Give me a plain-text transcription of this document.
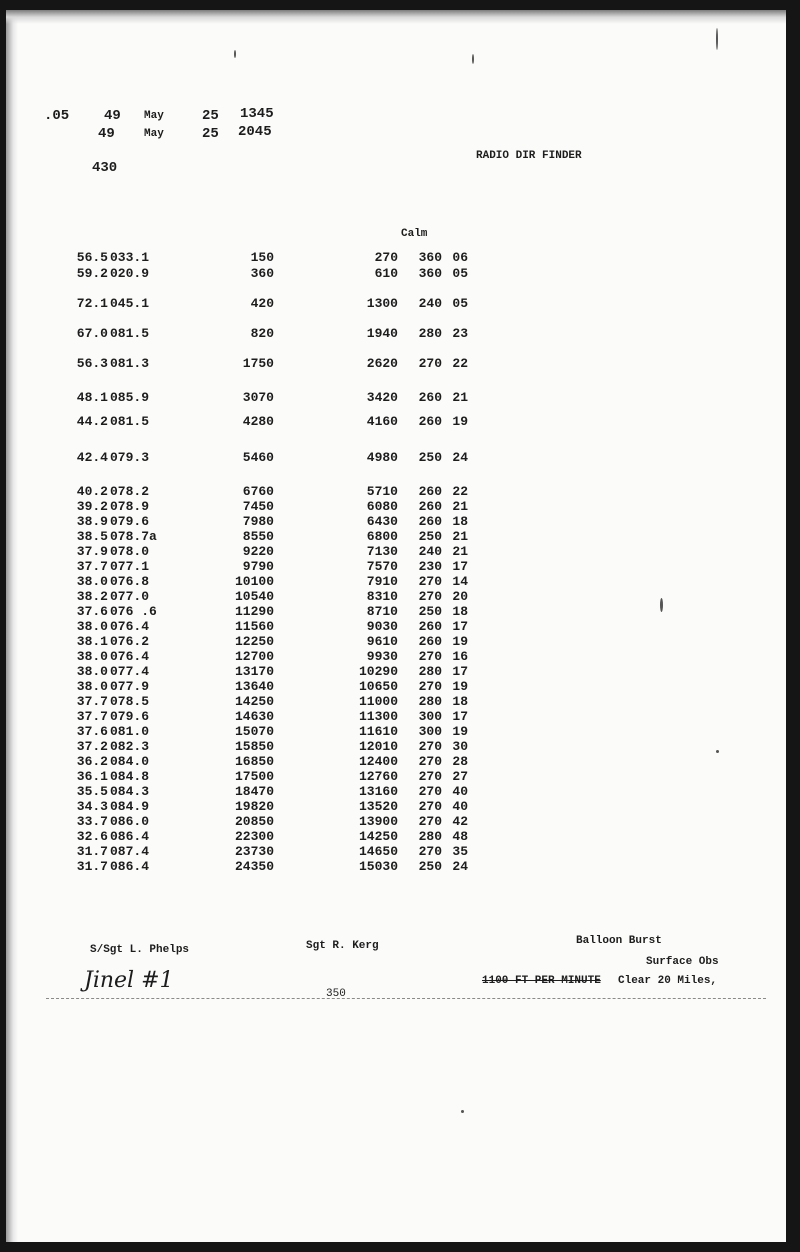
.05 49 May	25 1345
49	May	25 2045
430
RADIO DIR FINDER
Calm
56.5 033.1	150	270	360 06
59.2 020.9	360	610	360 05
72.1 045.1	420	1300	240 05
67.0 081.5	820	1940	280 23
56.3 081.3	1750	2620	270 22
48.1 085.9	3070	3420	260 21
44.2 081.5	4280	4160	260 19
42.4 079.3	5460	4980	250 24
40.2 078.2	6760	5710	260 22
39.2 078.9	7450	6080	260 21
38.9 079.6	7980	6430	260 18
38.5 078.7a	8550	6800	250 21
37.9 078.0	9220	7130	240 21
37.7 077.1	9790	7570	230 17
38.0 076.8	10100	7910	270 14
38.2 077.0	10540	8310	270 20
37.6 076 .6	11290	8710	250 18
38.0 076.4	11560	9030	260 17
38.1 076.2	12250	9610	260 19
38.0 076.4	12700	9930	270 16
38.0 077.4	13170	10290	280 17
38.0 077.9	13640	10650	270 19
37.7 078.5	14250	11000	280 18
37.7 079.6	14630	11300	300 17
37.6 081.0	15070	11610	300 19
37.2 082.3	15850	12010	270 30
36.2 084.0	16850	12400	270 28
36.1 084.8	17500	12760	270 27
35.5 084.3	18470	13160	270 40
34.3 084.9	19820	13520	270 40
33.7 086.0	20850	13900	270 42
32.6 086.4	22300	14250	280 48
31.7 087.4	23730	14650	270 35
31.7 086.4	24350	15030	250 24
S/Sgt L. Phelps	Sgt R. Kerg	Balloon Burst
Surface Obs
1100 FT PER MINUTE Clear 20 Miles,
Jinel #1
350
